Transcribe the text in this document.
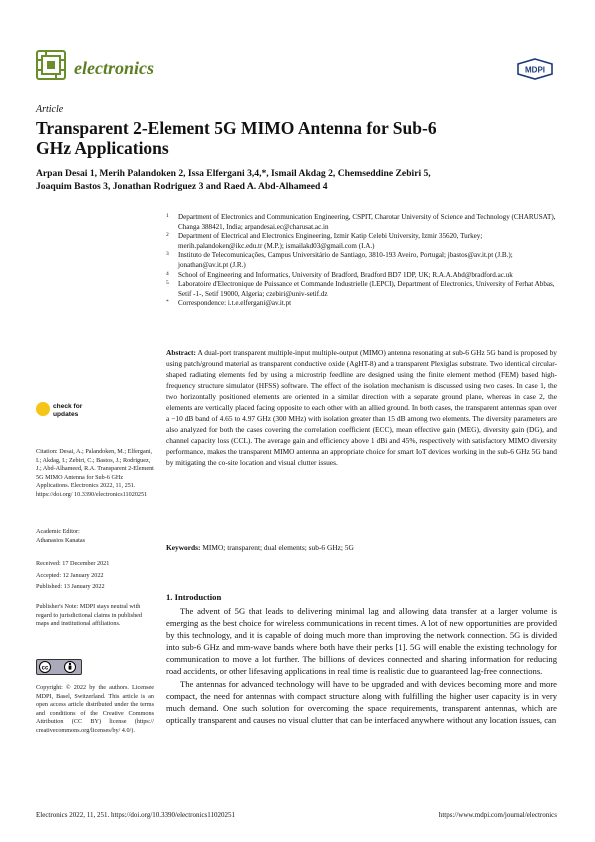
electronics	MDPI
Article
Transparent 2-Element 5G MIMO Antenna for Sub-6 GHz Applications
Arpan Desai 1, Merih Palandoken 2, Issa Elfergani 3,4,*, Ismail Akdag 2, Chemseddine Zebiri 5,
Joaquim Bastos 3, Jonathan Rodriguez 3 and Raed A. Abd-Alhameed 4
1 Department of Electronics and Communication Engineering, CSPIT, Charotar University of Science and Technology (CHARUSAT), Changa 388421, India; arpandesai.ec@charusat.ac.in
2 Department of Electrical and Electronics Engineering, Izmir Katip Celebi University, Izmir 35620, Turkey; merih.palandoken@ikc.edu.tr (M.P.); ismailakd03@gmail.com (I.A.)
3 Instituto de Telecomunicações, Campus Universitário de Santiago, 3810-193 Aveiro, Portugal; jbastos@av.it.pt (J.B.); jonathan@av.it.pt (J.R.)
4 School of Engineering and Informatics, University of Bradford, Bradford BD7 1DP, UK; R.A.A.Abd@bradford.ac.uk
5 Laboratoire d'Electronique de Puissance et Commande Industrielle (LEPCI), Department of Electronics, University of Ferhat Abbas, Setif -1-, Setif 19000, Algeria; czebiri@univ-setif.dz
* Correspondence: i.t.e.elfergani@av.it.pt
Abstract: A dual-port transparent multiple-input multiple-output (MIMO) antenna resonating at sub-6 GHz 5G band is proposed by using patch/ground material as transparent conductive oxide (AgHT-8) and a transparent Plexiglas substrate. Two identical circular-shaped radiating elements fed by using a microstrip feedline are designed using the finite element method (FEM) based high-frequency structure simulator (HFSS) software. The effect of the isolation mechanism is discussed using two cases. In case 1, the two horizontally positioned elements are oriented in a similar direction with a separate ground plane, whereas in case 2, the elements are vertically placed facing opposite to each other with an allied ground. In both cases, the transparent antennas span over a −10 dB band of 4.65 to 4.97 GHz (300 MHz) with isolation greater than 15 dB among two elements. The diversity parameters are also analyzed for both the cases covering the correlation coefficient (ECC), mean effective gain (MEG), diversity gain (DG), and channel capacity loss (CCL). The average gain and efficiency above 1 dBi and 45%, respectively with satisfactory MIMO diversity performance, makes the transparent MIMO antenna an appropriate choice for smart IoT devices working in the sub-6 GHz 5G band by mitigating the co-site location and visual clutter issues.
Keywords: MIMO; transparent; dual elements; sub-6 GHz; 5G
check for updates
Citation: Desai, A.; Palandoken, M.; Elfergani, I.; Akdag, I.; Zebiri, C.; Bastos, J.; Rodriguez, J.; Abd-Alhameed, R.A. Transparent 2-Element 5G MIMO Antenna for Sub-6 GHz Applications. Electronics 2022, 11, 251. https://doi.org/ 10.3390/electronics11020251
Academic Editor:
Athanasios Kanatas
Received: 17 December 2021
Accepted: 12 January 2022
Published: 13 January 2022
Publisher's Note: MDPI stays neutral with regard to jurisdictional claims in published maps and institutional affiliations.
cc
Copyright: © 2022 by the authors. Licensee MDPI, Basel, Switzerland. This article is an open access article distributed under the terms and conditions of the Creative Commons Attribution (CC BY) license (https:// creativecommons.org/licenses/by/ 4.0/).
1. Introduction

The advent of 5G that leads to delivering minimal lag and allowing data transfer at a larger volume is emerging as the best choice for wireless communications in recent times. A lot of new opportunities are provided by this technology, and it is capable of doing much more than improving the network connection. 5G is divided into sub-6 GHz and mm-wave bands where both have their perks [1]. 5G will enable the existing technology for communication to move a lot further. The billions of devices connected and sharing information for reducing road accidents, or other lifesaving applications in real time is realistic due to guaranteed lag-free connections.

The antennas for advanced technology will have to be upgraded and with devices becoming more and more compact, the need for antennas with compact structure along with fulfilling the higher user capacity is in very much demand. One such solution for overcoming the space requirements, transparent antennas, which are optically transparent and causes no visual clutter that can be interfaced anywhere without any location issues, can

Electronics 2022, 11, 251. https://doi.org/10.3390/electronics11020251	https://www.mdpi.com/journal/electronics
